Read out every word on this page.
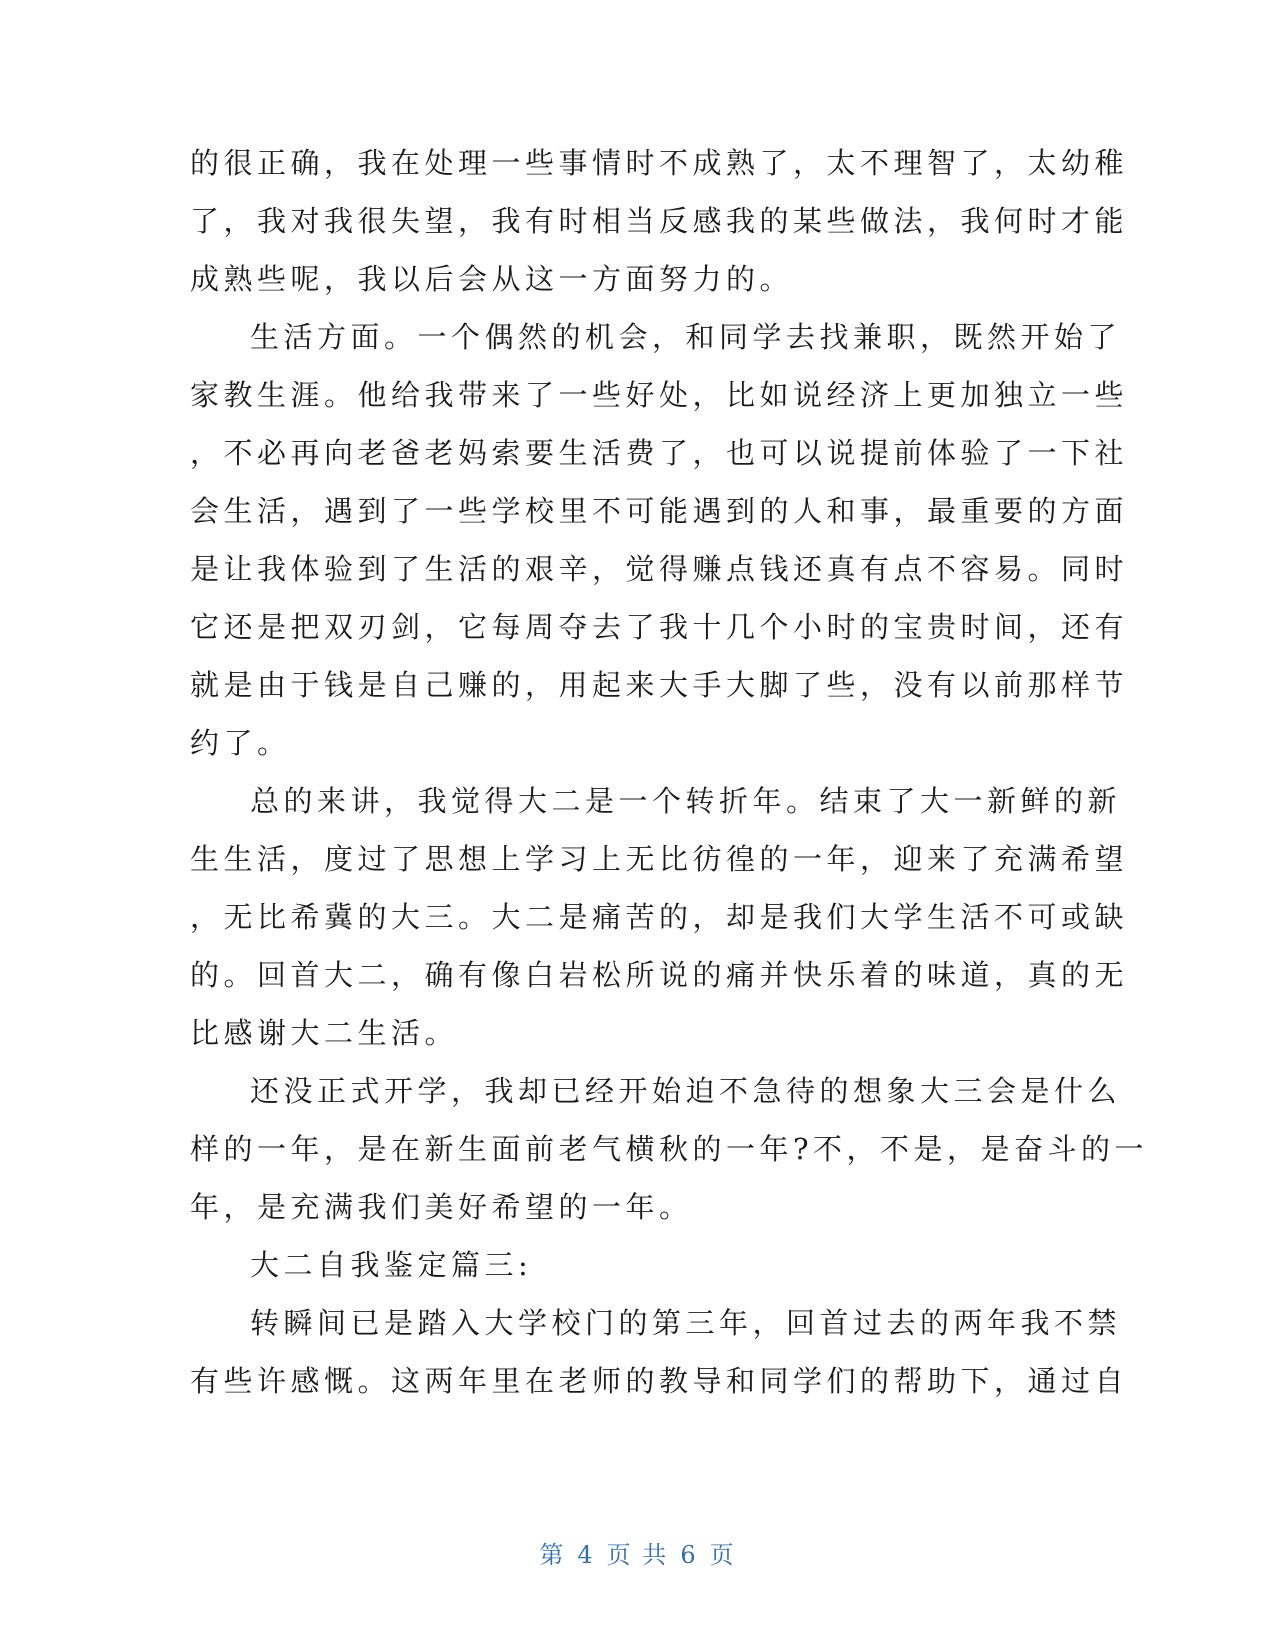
的很正确，我在处理一些事情时不成熟了，太不理智了，太幼稚
了，我对我很失望，我有时相当反感我的某些做法，我何时才能
成熟些呢，我以后会从这一方面努力的。
生活方面。一个偶然的机会，和同学去找兼职，既然开始了
家教生涯。他给我带来了一些好处，比如说经济上更加独立一些
，不必再向老爸老妈索要生活费了，也可以说提前体验了一下社
会生活，遇到了一些学校里不可能遇到的人和事，最重要的方面
是让我体验到了生活的艰辛，觉得赚点钱还真有点不容易。同时
它还是把双刃剑，它每周夺去了我十几个小时的宝贵时间，还有
就是由于钱是自己赚的，用起来大手大脚了些，没有以前那样节
约了。
总的来讲，我觉得大二是一个转折年。结束了大一新鲜的新
生生活，度过了思想上学习上无比彷徨的一年，迎来了充满希望
，无比希冀的大三。大二是痛苦的，却是我们大学生活不可或缺
的。回首大二，确有像白岩松所说的痛并快乐着的味道，真的无
比感谢大二生活。
还没正式开学，我却已经开始迫不急待的想象大三会是什么
样的一年，是在新生面前老气横秋的一年?不，不是，是奋斗的一
年，是充满我们美好希望的一年。
大二自我鉴定篇三:
转瞬间已是踏入大学校门的第三年，回首过去的两年我不禁
有些许感慨。这两年里在老师的教导和同学们的帮助下，通过自
第 4 页 共 6 页
